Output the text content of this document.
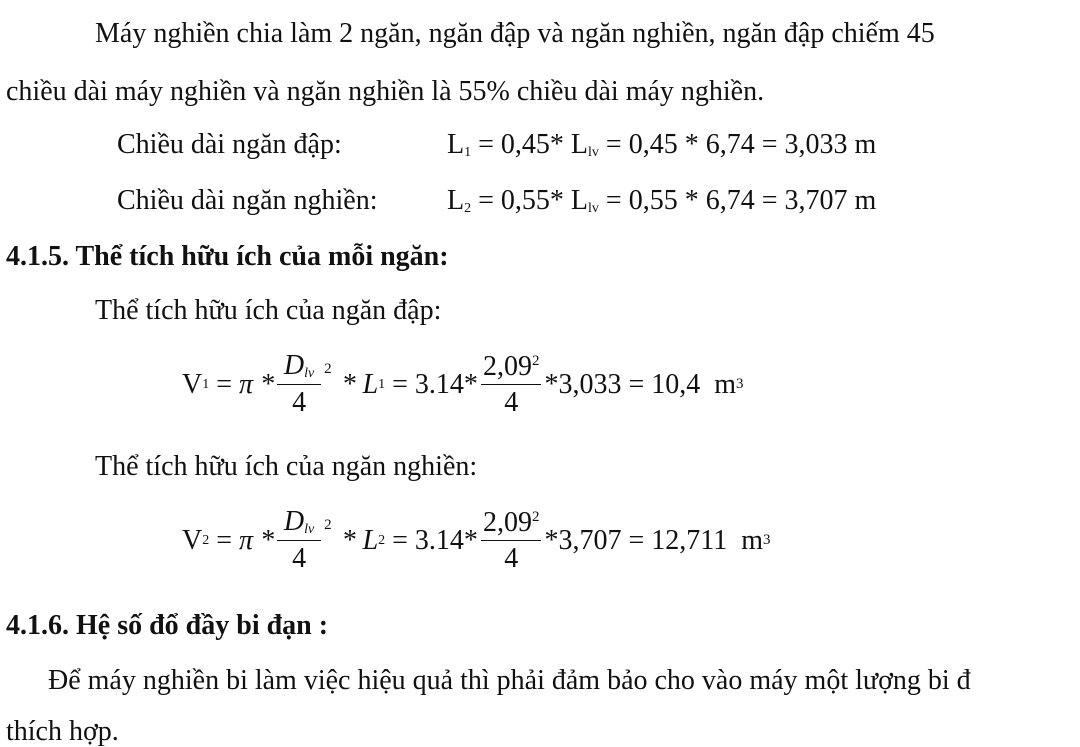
Máy nghiền chia làm 2 ngăn, ngăn đập và ngăn nghiền, ngăn đập chiếm 45
chiều dài máy nghiền và ngăn nghiền là 55% chiều dài máy nghiền.
Chiều dài ngăn đập:	$L_1 = 0,45*$ $L_{lv} = 0,45 * 6,74 = 3,033$ m
Chiều dài ngăn nghiền: $L_2 = 0,55*$ $L_{lv} = 0,55 * 6,74 = 3,707$ m
4.1.5. Thể tích hữu ích của mỗi ngăn:
Thể tích hữu ích của ngăn đập:
V $1 = \pi * \frac{D_{lv}}{4}^2 * L$ $1 = 3.14* \frac{2,09^2}{4} *3,033 = 10,4$  m 3
Thể tích hữu ích của ngăn nghiền:
V $2 = \pi * \frac{D_{lv}}{4}^2 * L$ $2 = 3.14* \frac{2,09^2}{4} *3,707 = 12,711$  m 3
4.1.6. Hệ số đổ đầy bi đạn :
Để máy nghiền bi làm việc hiệu quả thì phải đảm bảo cho vào máy một lượng bi đ
thích hợp.
